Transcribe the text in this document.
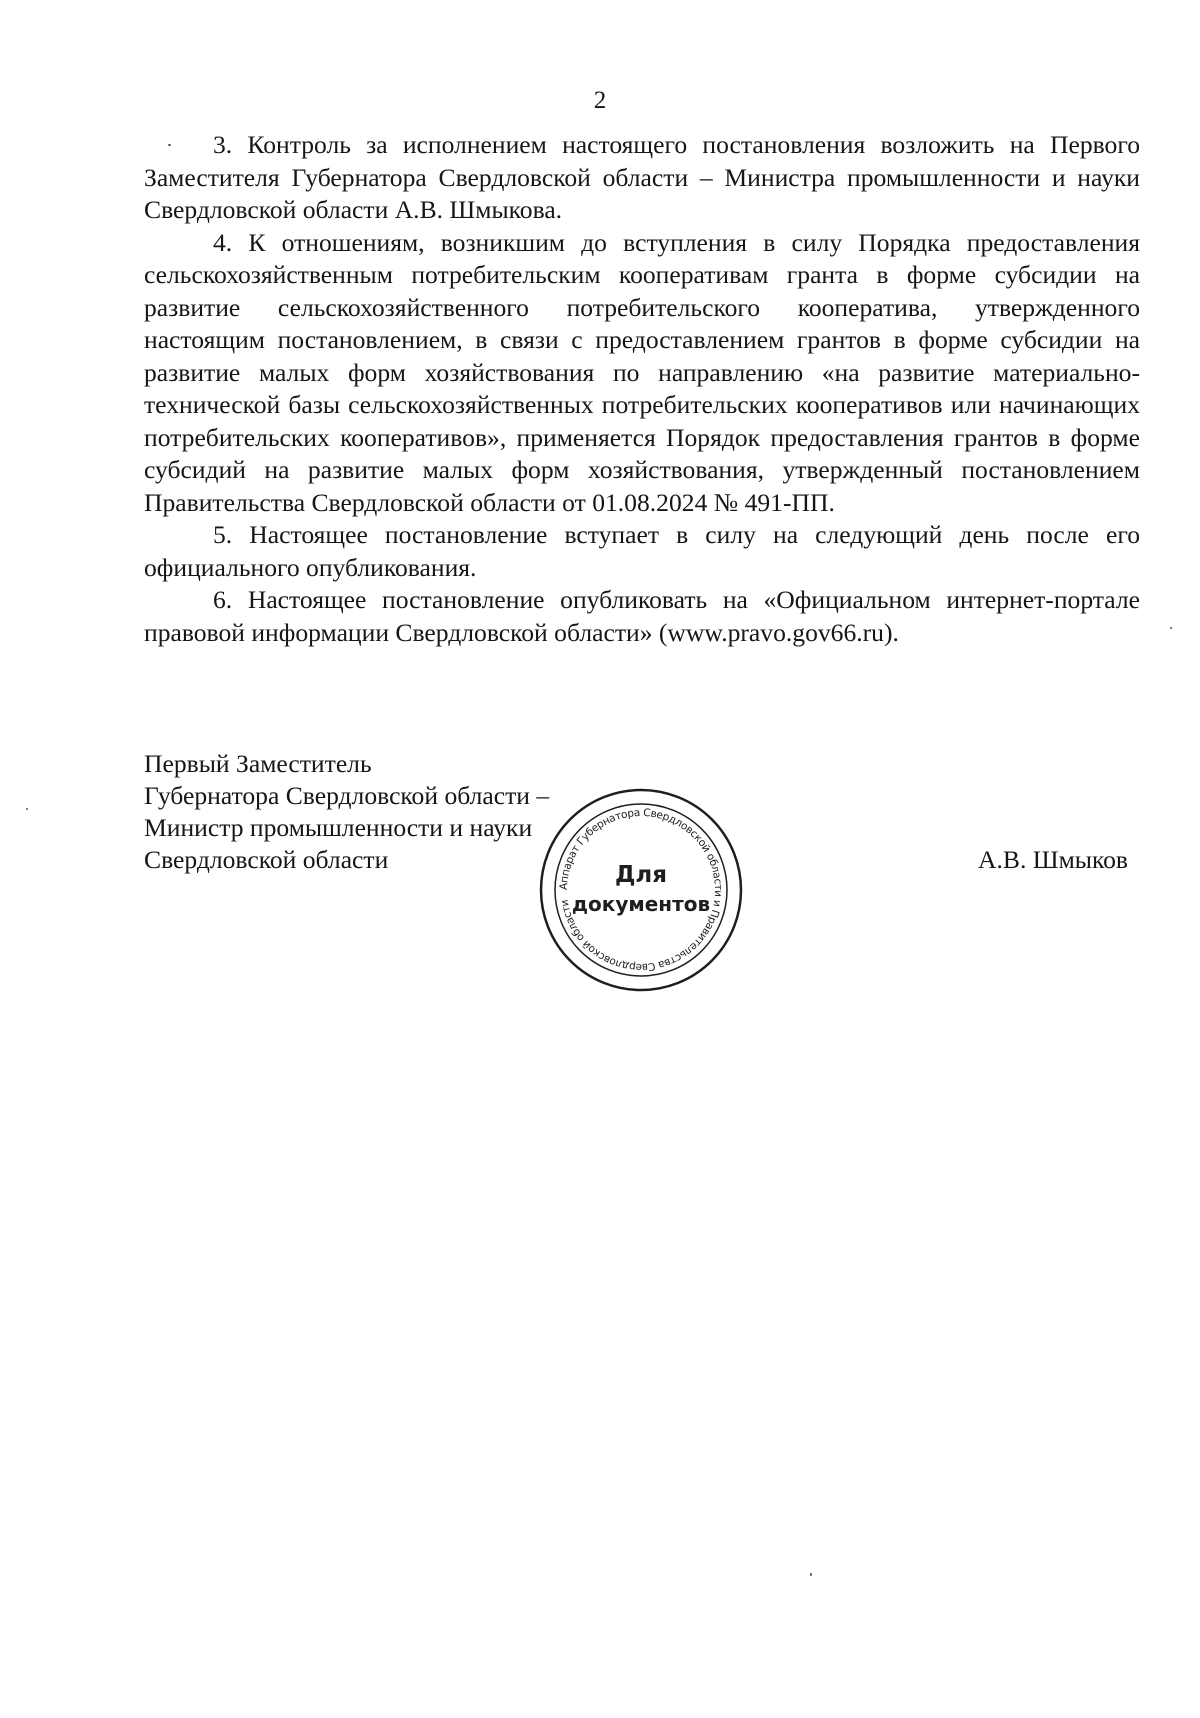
2

3. Контроль за исполнением настоящего постановления возложить на Первого Заместителя Губернатора Свердловской области – Министра промышленности и науки Свердловской области А.В. Шмыкова.

4. К отношениям, возникшим до вступления в силу Порядка предоставления сельскохозяйственным потребительским кооперативам гранта в форме субсидии на развитие сельскохозяйственного потребительского кооператива, утвержденного настоящим постановлением, в связи с предоставлением грантов в форме субсидии на развитие малых форм хозяйствования по направлению «на развитие материально-технической базы сельскохозяйственных потребительских кооперативов или начинающих потребительских кооперативов», применяется Порядок предоставления грантов в форме субсидий на развитие малых форм хозяйствования, утвержденный постановлением Правительства Свердловской области от 01.08.2024 № 491-ПП.

5. Настоящее постановление вступает в силу на следующий день после его официального опубликования.

6. Настоящее постановление опубликовать на «Официальном интернет-портале правовой информации Свердловской области» (www.pravo.gov66.ru).

Первый Заместитель
Губернатора Свердловской области –
Министр промышленности и науки
Свердловской области	А.В. Шмыков
Аппарат Губернатора Свердловской области и Правительства Свердловской области
Для
документов
